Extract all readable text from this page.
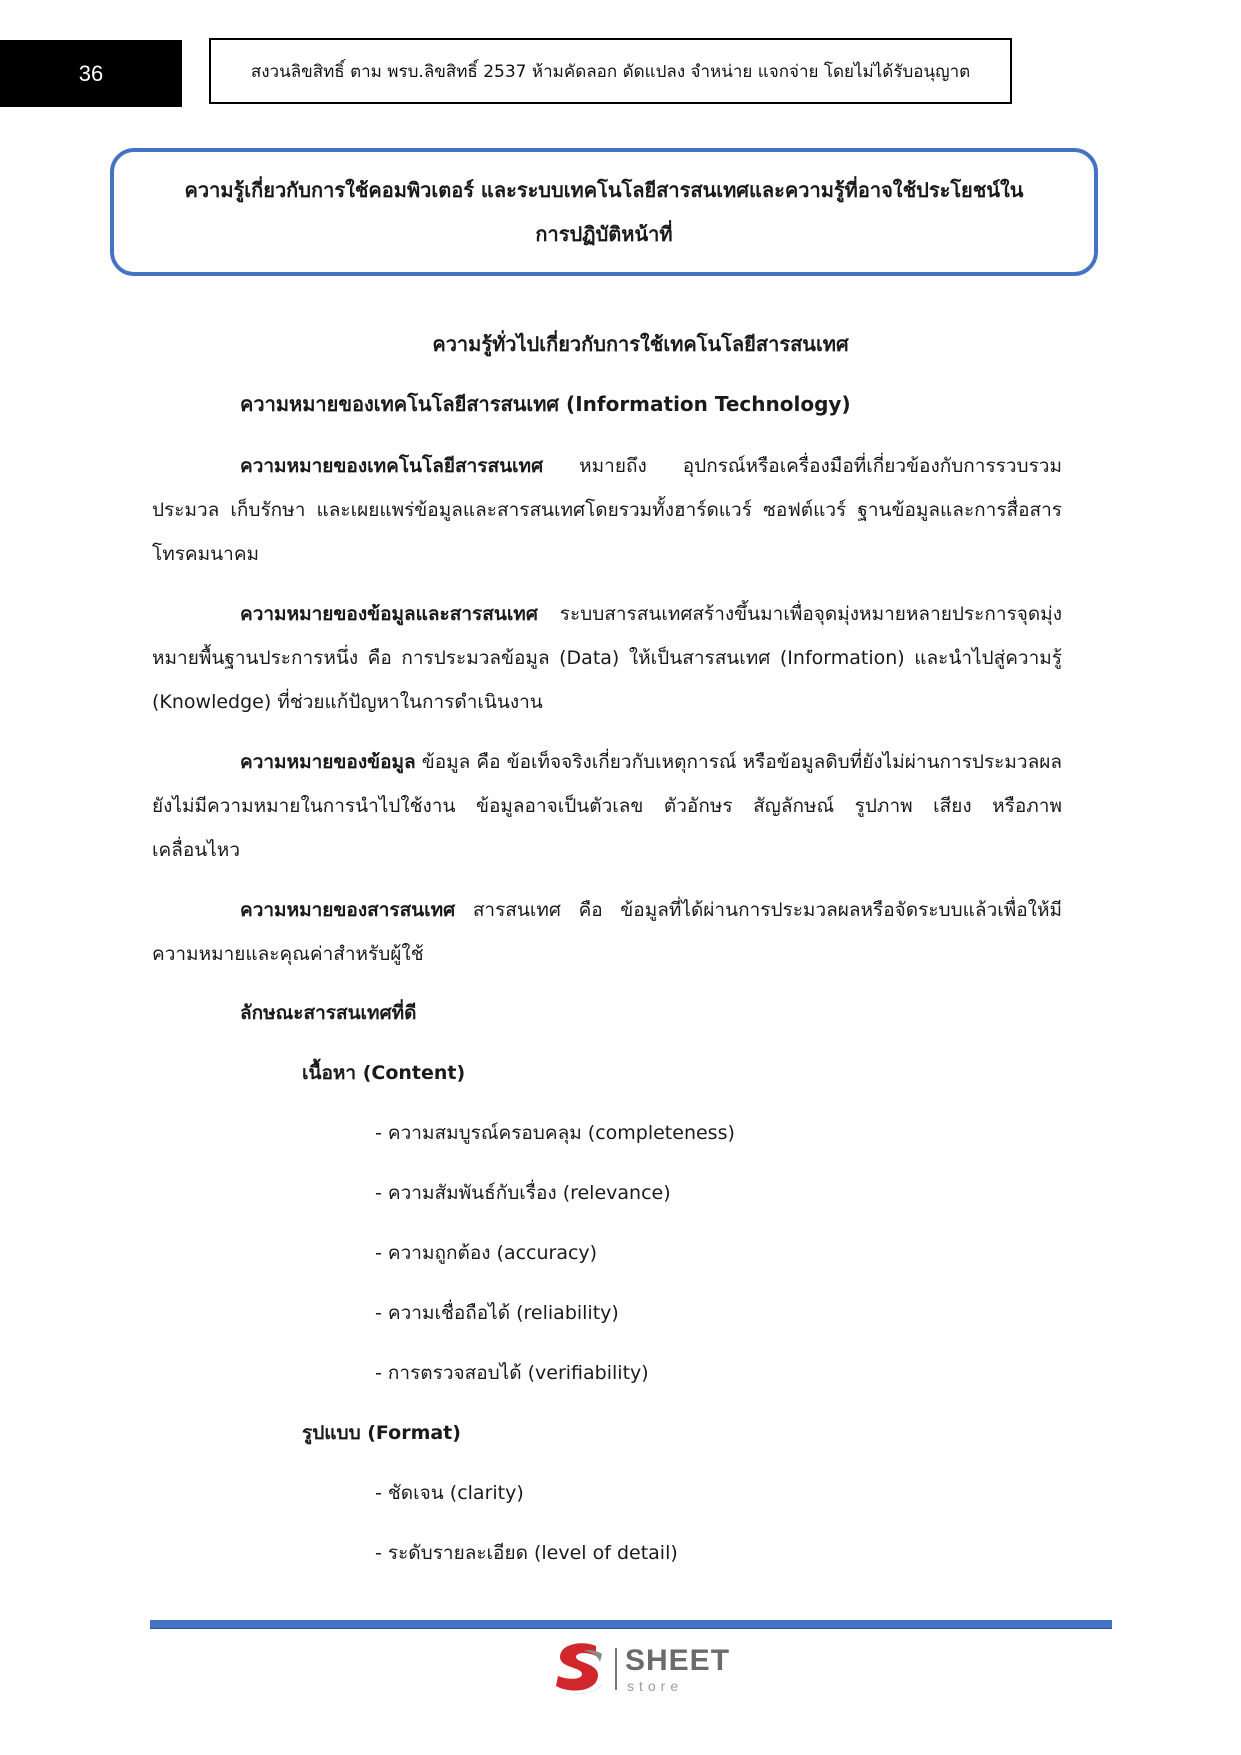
36	สงวนลิขสิทธิ์ ตาม พรบ.ลิขสิทธิ์ 2537 ห้ามคัดลอก ดัดแปลง จำหน่าย แจกจ่าย โดยไม่ได้รับอนุญาต
ความรู้เกี่ยวกับการใช้คอมพิวเตอร์ และระบบเทคโนโลยีสารสนเทศและความรู้ที่อาจใช้ประโยชน์ใน
การปฏิบัติหน้าที่
ความรู้ทั่วไปเกี่ยวกับการใช้เทคโนโลยีสารสนเทศ
ความหมายของเทคโนโลยีสารสนเทศ (Information Technology)
ความหมายของเทคโนโลยีสารสนเทศ หมายถึง อุปกรณ์หรือเครื่องมือที่เกี่ยวข้องกับการรวบรวมประมวล เก็บรักษา และเผยแพร่ข้อมูลและสารสนเทศโดยรวมทั้งฮาร์ดแวร์ ซอฟต์แวร์ ฐานข้อมูลและการสื่อสาร โทรคมนาคม
ความหมายของข้อมูลและสารสนเทศ ระบบสารสนเทศสร้างขึ้นมาเพื่อจุดมุ่งหมายหลายประการจุดมุ่งหมายพื้นฐานประการหนึ่ง คือ การประมวลข้อมูล (Data) ให้เป็นสารสนเทศ (Information) และนำไปสู่ความรู้ (Knowledge) ที่ช่วยแก้ปัญหาในการดำเนินงาน
ความหมายของข้อมูล ข้อมูล คือ ข้อเท็จจริงเกี่ยวกับเหตุการณ์ หรือข้อมูลดิบที่ยังไม่ผ่านการประมวลผล ยังไม่มีความหมายในการนำไปใช้งาน ข้อมูลอาจเป็นตัวเลข ตัวอักษร สัญลักษณ์ รูปภาพ เสียง หรือภาพเคลื่อนไหว
ความหมายของสารสนเทศ สารสนเทศ คือ ข้อมูลที่ได้ผ่านการประมวลผลหรือจัดระบบแล้วเพื่อให้มีความหมายและคุณค่าสำหรับผู้ใช้
ลักษณะสารสนเทศที่ดี
เนื้อหา (Content)
- ความสมบูรณ์ครอบคลุม (completeness)
- ความสัมพันธ์กับเรื่อง (relevance)
- ความถูกต้อง (accuracy)
- ความเชื่อถือได้ (reliability)
- การตรวจสอบได้ (verifiability)
รูปแบบ (Format)
- ชัดเจน (clarity)
- ระดับรายละเอียด (level of detail)
SHEET
store
